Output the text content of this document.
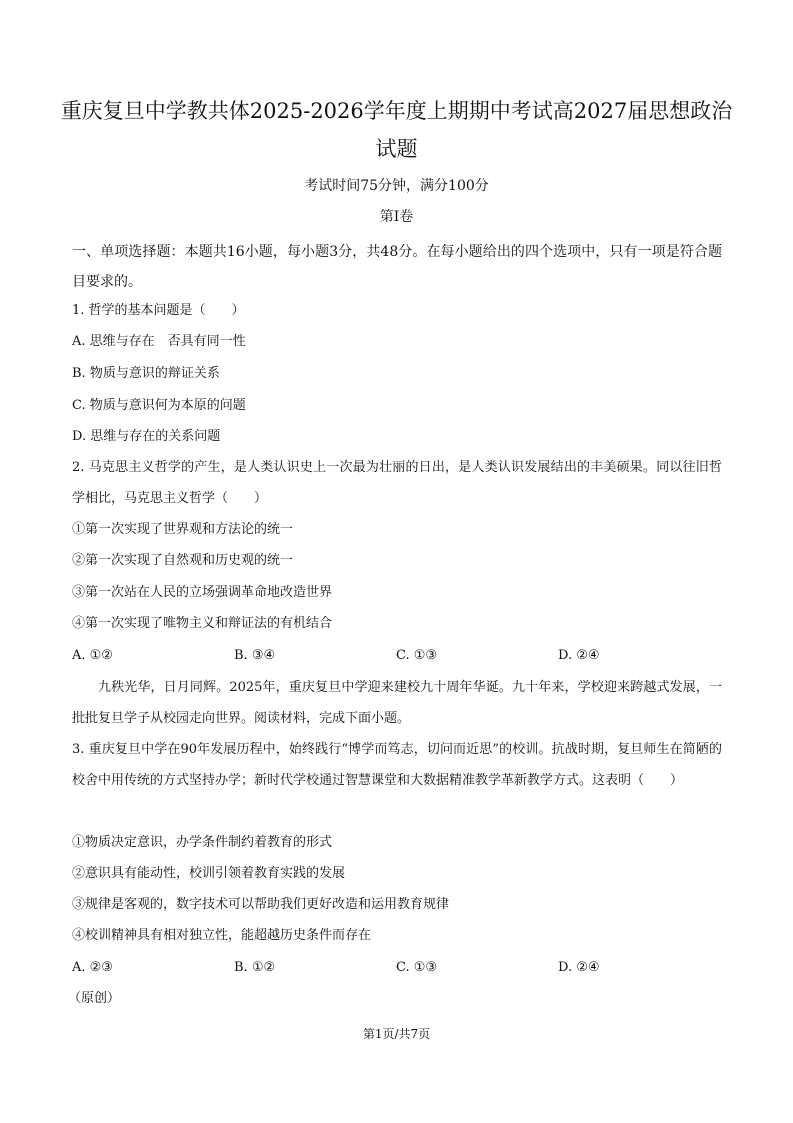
重庆复旦中学教共体2025-2026学年度上期期中考试高2027届思想政治试题
考试时间75分钟，满分100分
第I卷
一、单项选择题：本题共16小题，每小题3分，共48分。在每小题给出的四个选项中，只有一项是符合题目要求的。
1. 哲学的基本问题是（　　）
A. 思维与存在　否具有同一性
B. 物质与意识的辩证关系
C. 物质与意识何为本原的问题
D. 思维与存在的关系问题
2. 马克思主义哲学的产生，是人类认识史上一次最为壮丽的日出，是人类认识发展结出的丰美硕果。同以往旧哲学相比，马克思主义哲学（　　）
①第一次实现了世界观和方法论的统一
②第一次实现了自然观和历史观的统一
③第一次站在人民的立场强调革命地改造世界
④第一次实现了唯物主义和辩证法的有机结合
A. ①②	B. ③④	C. ①③	D. ②④
九秩光华，日月同辉。2025年，重庆复旦中学迎来建校九十周年华诞。九十年来，学校迎来跨越式发展，一批批复旦学子从校园走向世界。阅读材料，完成下面小题。
3. 重庆复旦中学在90年发展历程中，始终践行“博学而笃志，切问而近思”的校训。抗战时期，复旦师生在简陋的校舍中用传统的方式坚持办学；新时代学校通过智慧课堂和大数据精准教学革新教学方式。这表明（　　）
①物质决定意识，办学条件制约着教育的形式
②意识具有能动性，校训引领着教育实践的发展
③规律是客观的，数字技术可以帮助我们更好改造和运用教育规律
④校训精神具有相对独立性，能超越历史条件而存在
A. ②③	B. ①②	C. ①③	D. ②④
（原创）
第1页/共7页
